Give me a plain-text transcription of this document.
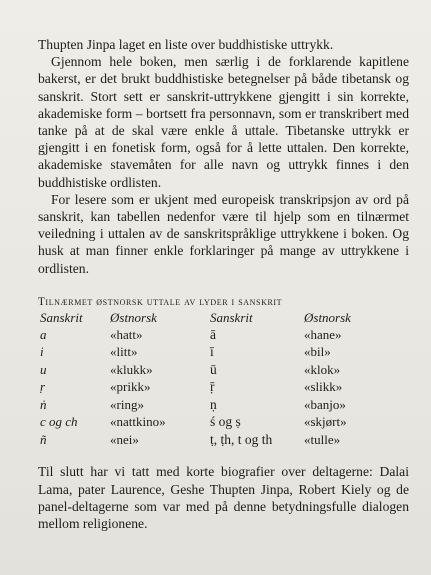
Thupten Jinpa laget en liste over buddhistiske uttrykk.

Gjennom hele boken, men særlig i de forklarende kapitlene bakerst, er det brukt buddhistiske betegnelser på både tibetansk og sanskrit. Stort sett er sanskrit-uttrykkene gjengitt i sin korrekte, akademiske form – bortsett fra personnavn, som er transkribert med tanke på at de skal være enkle å uttale. Tibetanske uttrykk er gjengitt i en fonetisk form, også for å lette uttalen. Den korrekte, akademiske stavemåten for alle navn og uttrykk finnes i den buddhistiske ordlisten.

For lesere som er ukjent med europeisk transkripsjon av ord på sanskrit, kan tabellen nedenfor være til hjelp som en tilnærmet veiledning i uttalen av de sanskritspråklige uttrykkene i boken. Og husk at man finner enkle forklaringer på mange av uttrykkene i ordlisten.

Tilnærmet østnorsk uttale av lyder i sanskrit
Sanskrit	Østnorsk	Sanskrit	Østnorsk
a	«hatt»	ā	«hane»
i	«litt»	ī	«bil»
u	«klukk»	ū	«klok»
ṛ	«prikk»	ṝ	«slikk»
ṅ	«ring»	ṇ	«banjo»
c og ch	«nattkino»	ś og ṣ	«skjørt»
ñ	«nei»	ṭ, ṭh, t og th	«tulle»

Til slutt har vi tatt med korte biografier over deltagerne: Dalai Lama, pater Laurence, Geshe Thupten Jinpa, Robert Kiely og de panel-deltagerne som var med på denne betydningsfulle dialogen mellom religionene.
